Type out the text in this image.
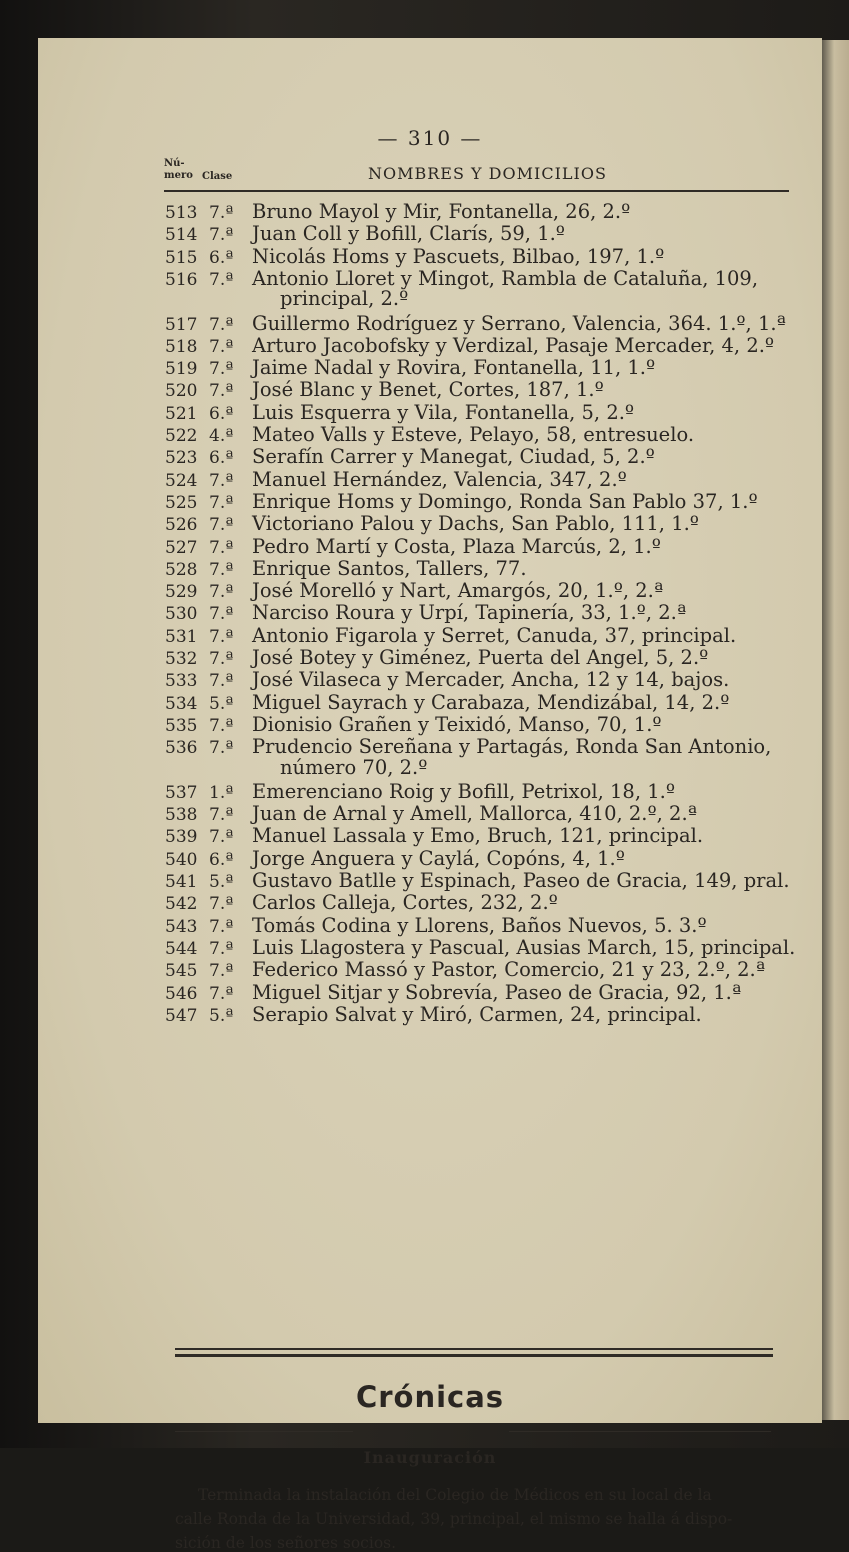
— 310 —
Nú-mero Clase	NOMBRES Y DOMICILIOS
513 7.ª Bruno Mayol y Mir, Fontanella, 26, 2.º
514 7.ª Juan Coll y Bofill, Clarís, 59, 1.º
515 6.ª Nicolás Homs y Pascuets, Bilbao, 197, 1.º
516 7.ª Antonio Lloret y Mingot, Rambla de Cataluña, 109,
principal, 2.º
517 7.ª Guillermo Rodríguez y Serrano, Valencia, 364. 1.º, 1.ª
518 7.ª Arturo Jacobofsky y Verdizal, Pasaje Mercader, 4, 2.º
519 7.ª Jaime Nadal y Rovira, Fontanella, 11, 1.º
520 7.ª José Blanc y Benet, Cortes, 187, 1.º
521 6.ª Luis Esquerra y Vila, Fontanella, 5, 2.º
522 4.ª Mateo Valls y Esteve, Pelayo, 58, entresuelo.
523 6.ª Serafín Carrer y Manegat, Ciudad, 5, 2.º
524 7.ª Manuel Hernández, Valencia, 347, 2.º
525 7.ª Enrique Homs y Domingo, Ronda San Pablo 37, 1.º
526 7.ª Victoriano Palou y Dachs, San Pablo, 111, 1.º
527 7.ª Pedro Martí y Costa, Plaza Marcús, 2, 1.º
528 7.ª Enrique Santos, Tallers, 77.
529 7.ª José Morelló y Nart, Amargós, 20, 1.º, 2.ª
530 7.ª Narciso Roura y Urpí, Tapinería, 33, 1.º, 2.ª
531 7.ª Antonio Figarola y Serret, Canuda, 37, principal.
532 7.ª José Botey y Giménez, Puerta del Angel, 5, 2.º
533 7.ª José Vilaseca y Mercader, Ancha, 12 y 14, bajos.
534 5.ª Miguel Sayrach y Carabaza, Mendizábal, 14, 2.º
535 7.ª Dionisio Grañen y Teixidó, Manso, 70, 1.º
536 7.ª Prudencio Sereñana y Partagás, Ronda San Antonio,
número 70, 2.º
537 1.ª Emerenciano Roig y Bofill, Petrixol, 18, 1.º
538 7.ª Juan de Arnal y Amell, Mallorca, 410, 2.º, 2.ª
539 7.ª Manuel Lassala y Emo, Bruch, 121, principal.
540 6.ª Jorge Anguera y Caylá, Copóns, 4, 1.º
541 5.ª Gustavo Batlle y Espinach, Paseo de Gracia, 149, pral.
542 7.ª Carlos Calleja, Cortes, 232, 2.º
543 7.ª Tomás Codina y Llorens, Baños Nuevos, 5. 3.º
544 7.ª Luis Llagostera y Pascual, Ausias March, 15, principal.
545 7.ª Federico Massó y Pastor, Comercio, 21 y 23, 2.º, 2.ª
546 7.ª Miguel Sitjar y Sobrevía, Paseo de Gracia, 92, 1.ª
547 5.ª Serapio Salvat y Miró, Carmen, 24, principal.
Crónicas
Inauguración
Terminada la instalación del Colegio de Médicos en su local de la
calle Ronda de la Universidad, 39, principal, el mismo se halla á dispo-
sición de los señores socios.
